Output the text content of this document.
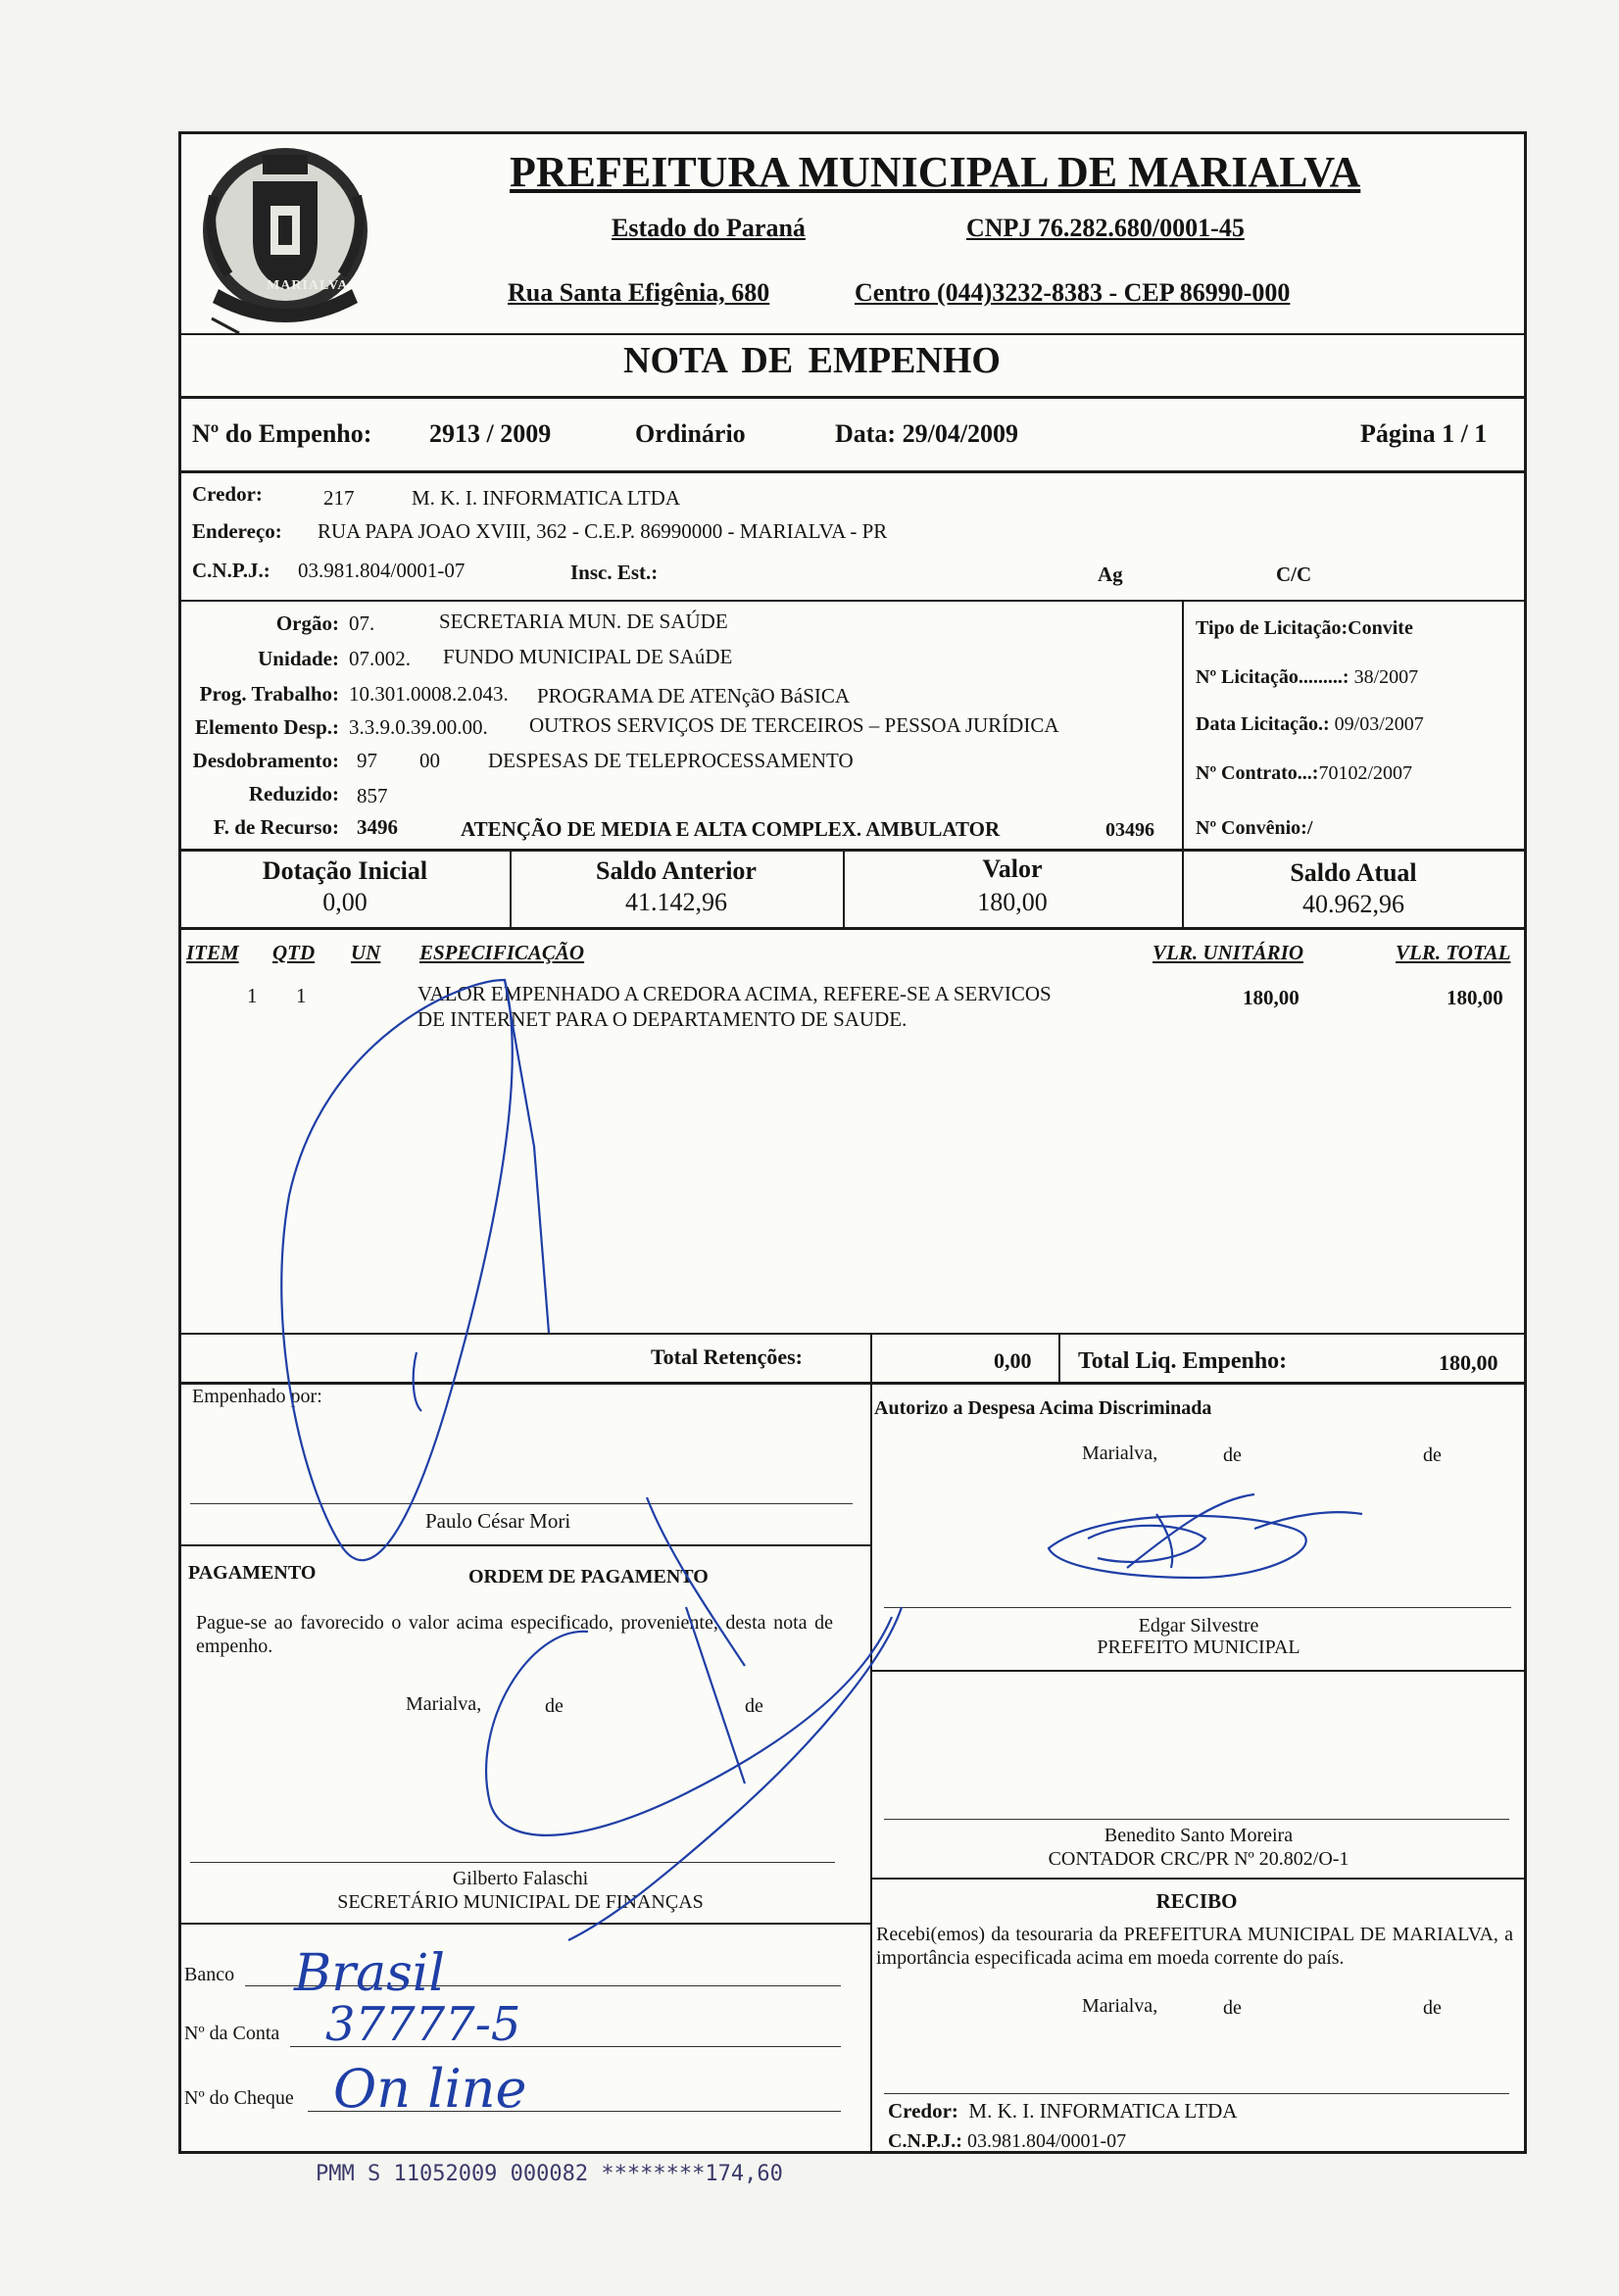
MARIALVA
PREFEITURA MUNICIPAL DE MARIALVA
Estado do Paraná	CNPJ 76.282.680/0001-45
Rua Santa Efigênia, 680	Centro (044)3232-8383 - CEP 86990-000
NOTA DE EMPENHO
Nº do Empenho: 2913 / 2009	Ordinário	Data: 29/04/2009	Página 1 / 1
Credor:	217	M. K. I. INFORMATICA LTDA
Endereço: RUA PAPA JOAO XVIII, 362 - C.E.P. 86990000 - MARIALVA - PR
C.N.P.J.: 03.981.804/0001-07	Insc. Est.:	Ag	C/C
Orgão: 07.	SECRETARIA MUN. DE SAÚDE
Unidade: 07.002. FUNDO MUNICIPAL DE SAúDE
Prog. Trabalho: 10.301.0008.2.043. PROGRAMA DE ATENçãO BáSICA
Elemento Desp.: 3.3.9.0.39.00.00. OUTROS SERVIÇOS DE TERCEIROS – PESSOA JURÍDICA
Desdobramento: 97 00 DESPESAS DE TELEPROCESSAMENTO
Reduzido: 857
F. de Recurso: 3496	ATENÇÃO DE MEDIA E ALTA COMPLEX. AMBULATOR	03496
Tipo de Licitação:Convite
Nº Licitação.........: 38/2007
Data Licitação.: 09/03/2007
Nº Contrato...:70102/2007
Nº Convênio:/
Dotação Inicial
0,00
Saldo Anterior
41.142,96
Valor
180,00
Saldo Atual
40.962,96
ITEM QTD UN ESPECIFICAÇÃO	VLR. UNITÁRIO	VLR. TOTAL
1 1	VALOR EMPENHADO A CREDORA ACIMA, REFERE-SE A SERVICOS
DE INTERNET PARA O DEPARTAMENTO DE SAUDE.
180,00	180,00
Total Retenções:	0,00 Total Liq. Empenho:	180,00
Empenhado por:
Paulo César Mori
Autorizo a Despesa Acima Discriminada
Marialva,	de	de
Edgar Silvestre
PREFEITO MUNICIPAL
PAGAMENTO	ORDEM DE PAGAMENTO
Pague-se ao favorecido o valor acima especificado, proveniente, desta nota de empenho.
Marialva,	de	de
Gilberto Falaschi
SECRETÁRIO MUNICIPAL DE FINANÇAS
Benedito Santo Moreira
CONTADOR CRC/PR Nº 20.802/O-1
RECIBO
Recebi(emos) da tesouraria da PREFEITURA MUNICIPAL DE MARIALVA, a importância especificada acima em moeda corrente do país.
Marialva,	de	de
Credor: M. K. I. INFORMATICA LTDA
C.N.P.J.: 03.981.804/0001-07
Banco Brasil
Nº da Conta 37777-5
Nº do Cheque On line
PMM S 11052009 000082 ********174,60
